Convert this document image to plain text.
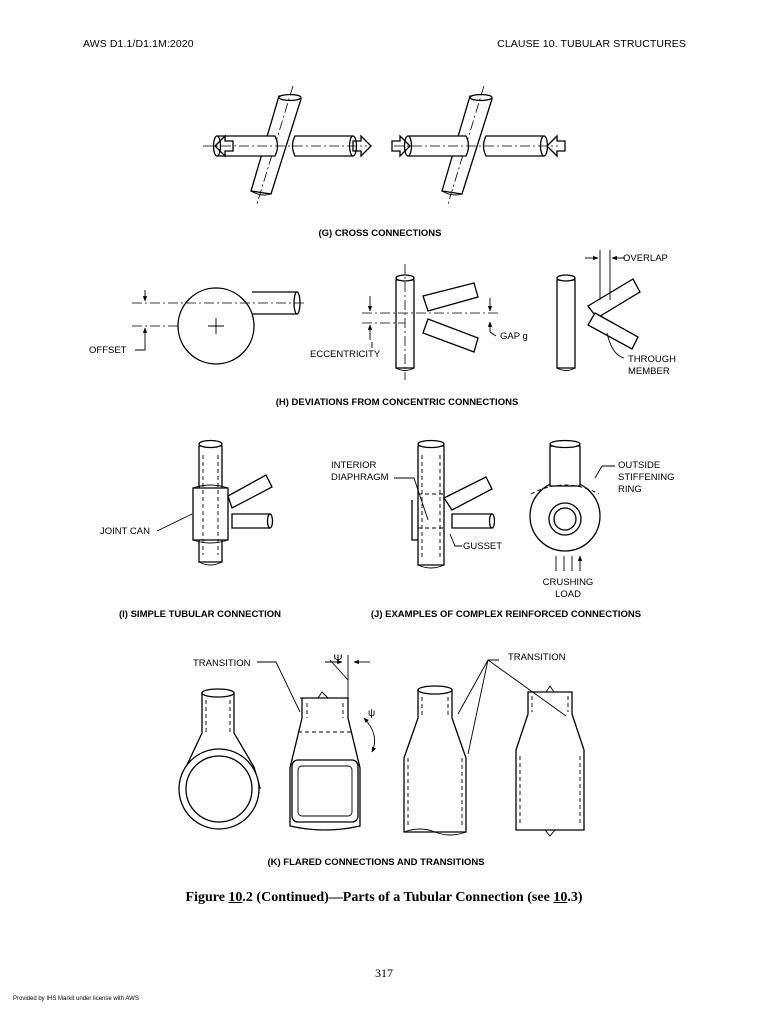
AWS D1.1/D1.1M:2020	CLAUSE 10. TUBULAR STRUCTURES
(G) CROSS CONNECTIONS
OFFSET	ECCENTRICITY
GAP g
OVERLAP
THROUGH
MEMBER
(H) DEVIATIONS FROM CONCENTRIC CONNECTIONS
JOINT CAN
(I) SIMPLE TUBULAR CONNECTION
INTERIOR
DIAPHRAGM
GUSSET
OUTSIDE
STIFFENING
RING
CRUSHING
LOAD
(J) EXAMPLES OF COMPLEX REINFORCED CONNECTIONS
Ψ
ψ
TRANSITION
TRANSITION
(K) FLARED CONNECTIONS AND TRANSITIONS
Figure 10.2 (Continued)—Parts of a Tubular Connection (see 10.3)
317
Provided by IHS Markit under license with AWS
